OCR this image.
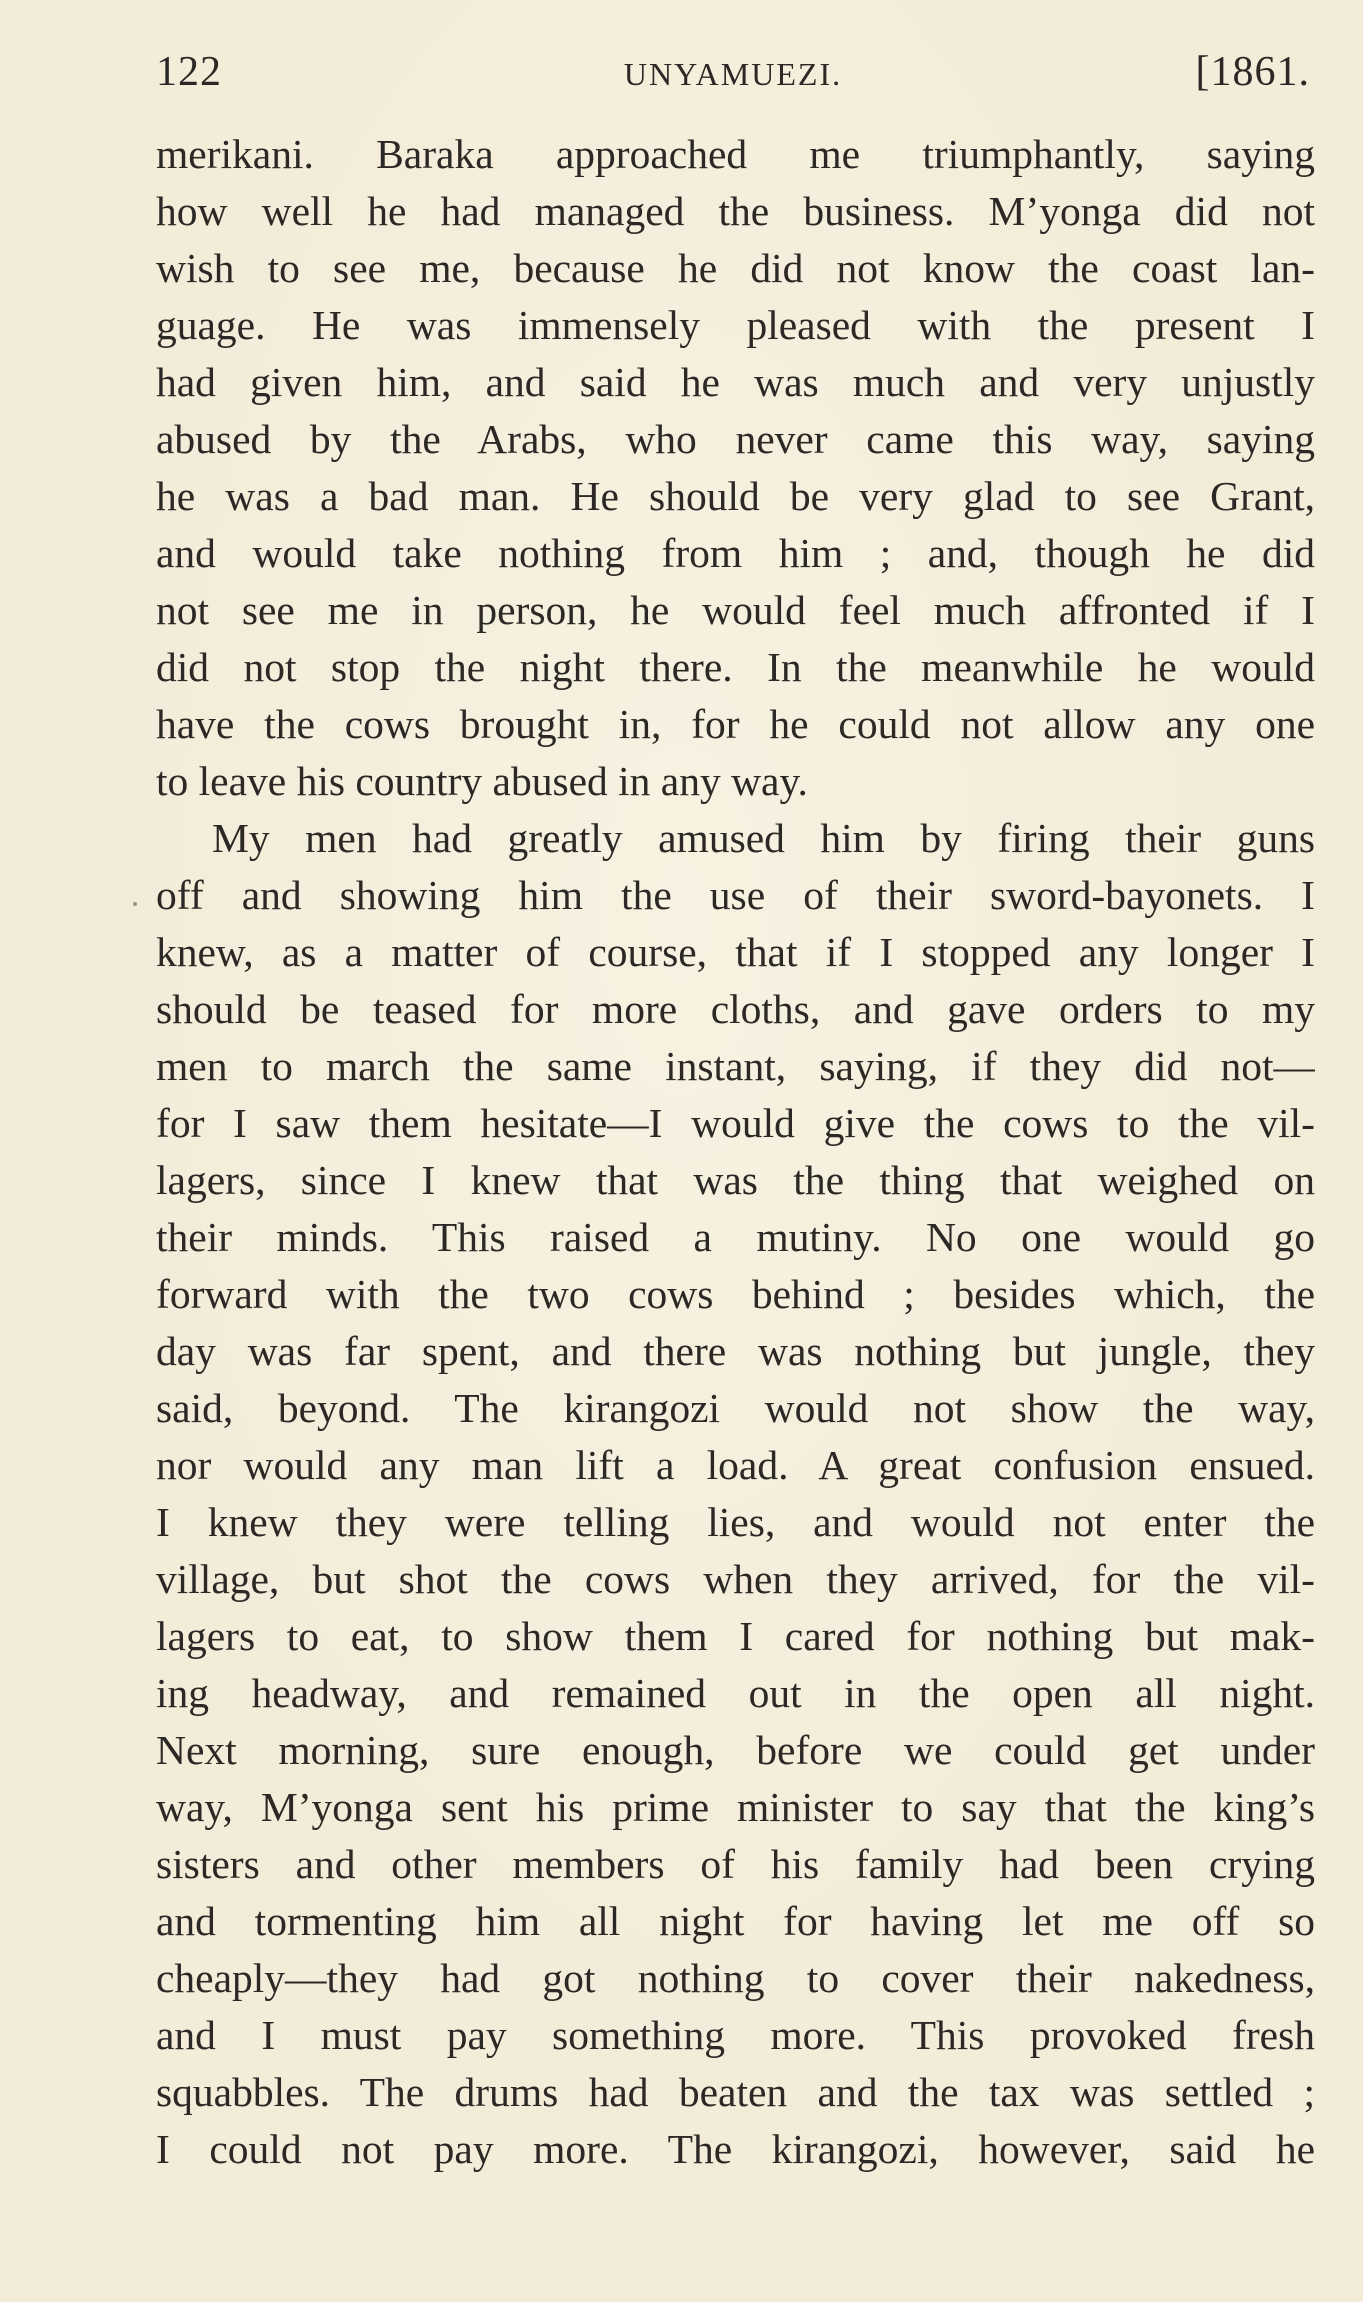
122	UNYAMUEZI.	[1861.
merikani. Baraka approached me triumphantly, saying
how well he had managed the business. M’yonga did not
wish to see me, because he did not know the coast lan-
guage. He was immensely pleased with the present I
had given him, and said he was much and very unjustly
abused by the Arabs, who never came this way, saying
he was a bad man. He should be very glad to see Grant,
and would take nothing from him ; and, though he did
not see me in person, he would feel much affronted if I
did not stop the night there. In the meanwhile he would
have the cows brought in, for he could not allow any one
to leave his country abused in any way.
My men had greatly amused him by firing their guns
off and showing him the use of their sword-bayonets. I
knew, as a matter of course, that if I stopped any longer I
should be teased for more cloths, and gave orders to my
men to march the same instant, saying, if they did not—
for I saw them hesitate—I would give the cows to the vil-
lagers, since I knew that was the thing that weighed on
their minds. This raised a mutiny. No one would go
forward with the two cows behind ; besides which, the
day was far spent, and there was nothing but jungle, they
said, beyond. The kirangozi would not show the way,
nor would any man lift a load. A great confusion ensued.
I knew they were telling lies, and would not enter the
village, but shot the cows when they arrived, for the vil-
lagers to eat, to show them I cared for nothing but mak-
ing headway, and remained out in the open all night.
Next morning, sure enough, before we could get under
way, M’yonga sent his prime minister to say that the king’s
sisters and other members of his family had been crying
and tormenting him all night for having let me off so
cheaply—they had got nothing to cover their nakedness,
and I must pay something more. This provoked fresh
squabbles. The drums had beaten and the tax was settled ;
I could not pay more. The kirangozi, however, said he
